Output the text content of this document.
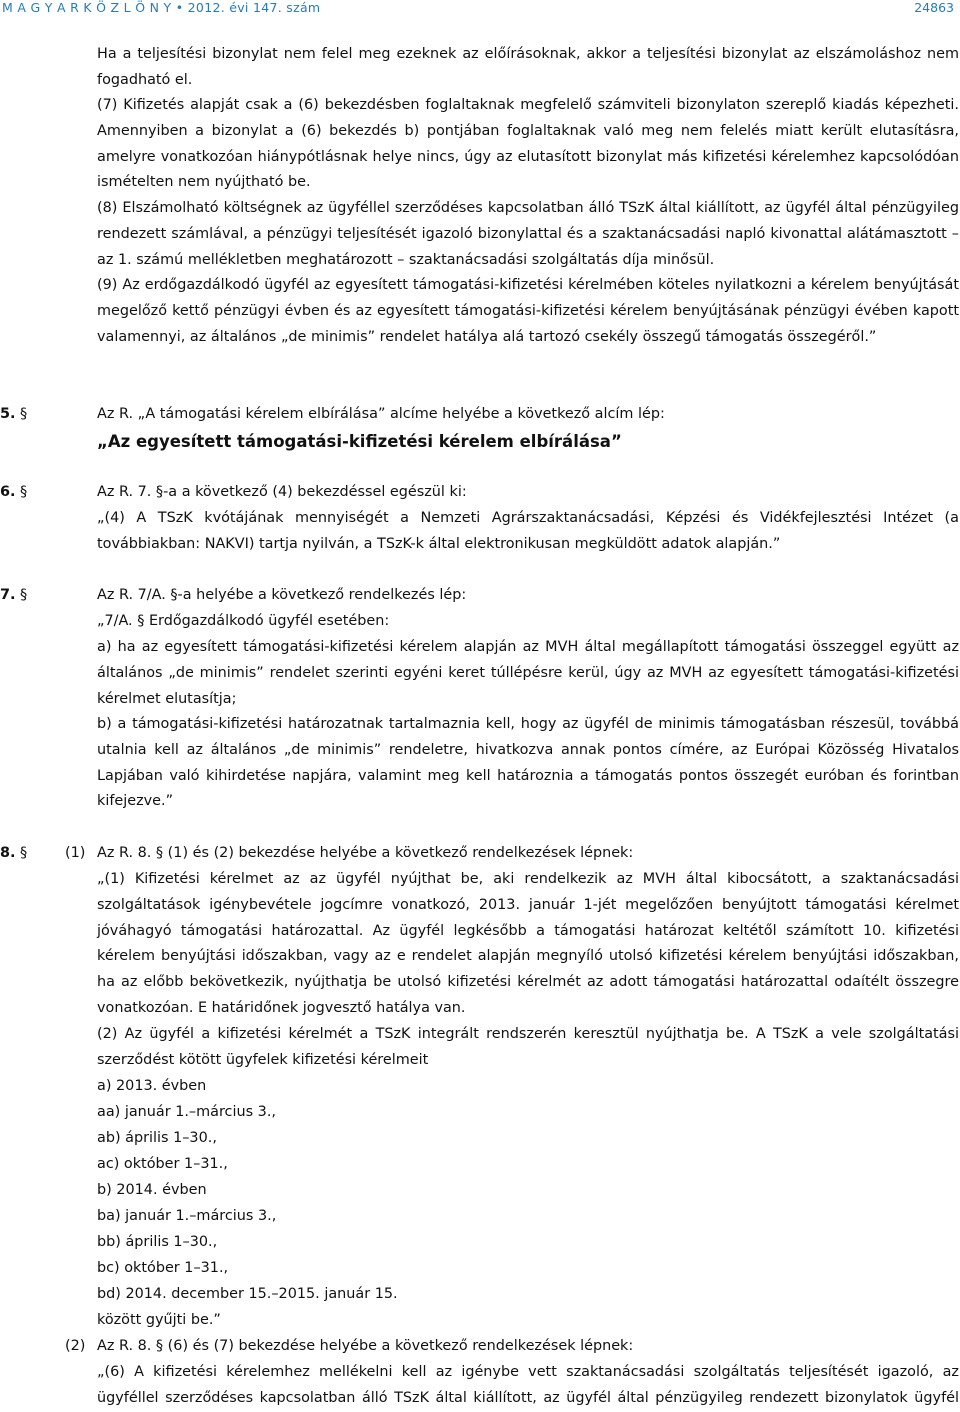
M A G Y A R K Ö Z L Ö N Y • 2012. évi 147. szám	24863

Ha a teljesítési bizonylat nem felel meg ezeknek az előírásoknak, akkor a teljesítési bizonylat az elszámoláshoz nem fogadható el.

(7) Kifizetés alapját csak a (6) bekezdésben foglaltaknak megfelelő számviteli bizonylaton szereplő kiadás képezheti. Amennyiben a bizonylat a (6) bekezdés b) pontjában foglaltaknak való meg nem felelés miatt került elutasításra, amelyre vonatkozóan hiánypótlásnak helye nincs, úgy az elutasított bizonylat más kifizetési kérelemhez kapcsolódóan ismételten nem nyújtható be.

(8) Elszámolható költségnek az ügyféllel szerződéses kapcsolatban álló TSzK által kiállított, az ügyfél által pénzügyileg rendezett számlával, a pénzügyi teljesítését igazoló bizonylattal és a szaktanácsadási napló kivonattal alátámasztott – az 1. számú mellékletben meghatározott – szaktanácsadási szolgáltatás díja minősül.

(9) Az erdőgazdálkodó ügyfél az egyesített támogatási-kifizetési kérelmében köteles nyilatkozni a kérelem benyújtását megelőző kettő pénzügyi évben és az egyesített támogatási-kifizetési kérelem benyújtásának pénzügyi évében kapott valamennyi, az általános „de minimis” rendelet hatálya alá tartozó csekély összegű támogatás összegéről.”

5. §	Az R. „A támogatási kérelem elbírálása” alcíme helyébe a következő alcím lép:

„Az egyesített támogatási-kifizetési kérelem elbírálása”

6. §	Az R. 7. §-a a következő (4) bekezdéssel egészül ki:

„(4) A TSzK kvótájának mennyiségét a Nemzeti Agrárszaktanácsadási, Képzési és Vidékfejlesztési Intézet (a továbbiakban: NAKVI) tartja nyilván, a TSzK-k által elektronikusan megküldött adatok alapján.”

7. §	Az R. 7/A. §-a helyébe a következő rendelkezés lép:

„7/A. § Erdőgazdálkodó ügyfél esetében:

a) ha az egyesített támogatási-kifizetési kérelem alapján az MVH által megállapított támogatási összeggel együtt az általános „de minimis” rendelet szerinti egyéni keret túllépésre kerül, úgy az MVH az egyesített támogatási-kifizetési kérelmet elutasítja;

b) a támogatási-kifizetési határozatnak tartalmaznia kell, hogy az ügyfél de minimis támogatásban részesül, továbbá utalnia kell az általános „de minimis” rendeletre, hivatkozva annak pontos címére, az Európai Közösség Hivatalos Lapjában való kihirdetése napjára, valamint meg kell határoznia a támogatás pontos összegét euróban és forintban kifejezve.”

8. §	(1) Az R. 8. § (1) és (2) bekezdése helyébe a következő rendelkezések lépnek:

„(1) Kifizetési kérelmet az az ügyfél nyújthat be, aki rendelkezik az MVH által kibocsátott, a szaktanácsadási szolgáltatások igénybevétele jogcímre vonatkozó, 2013. január 1-jét megelőzően benyújtott támogatási kérelmet jóváhagyó támogatási határozattal. Az ügyfél legkésőbb a támogatási határozat keltétől számított 10. kifizetési kérelem benyújtási időszakban, vagy az e rendelet alapján megnyíló utolsó kifizetési kérelem benyújtási időszakban, ha az előbb bekövetkezik, nyújthatja be utolsó kifizetési kérelmét az adott támogatási határozattal odaítélt összegre vonatkozóan. E határidőnek jogvesztő hatálya van.

(2) Az ügyfél a kifizetési kérelmét a TSzK integrált rendszerén keresztül nyújthatja be. A TSzK a vele szolgáltatási szerződést kötött ügyfelek kifizetési kérelmeit

a) 2013. évben

aa) január 1.–március 3.,

ab) április 1–30.,

ac) október 1–31.,

b) 2014. évben

ba) január 1.–március 3.,

bb) április 1–30.,

bc) október 1–31.,

bd) 2014. december 15.–2015. január 15.

között gyűjti be.”

(2) Az R. 8. § (6) és (7) bekezdése helyébe a következő rendelkezések lépnek:

„(6) A kifizetési kérelemhez mellékelni kell az igénybe vett szaktanácsadási szolgáltatás teljesítését igazoló, az ügyféllel szerződéses kapcsolatban álló TSzK által kiállított, az ügyfél által pénzügyileg rendezett bizonylatok ügyfél
